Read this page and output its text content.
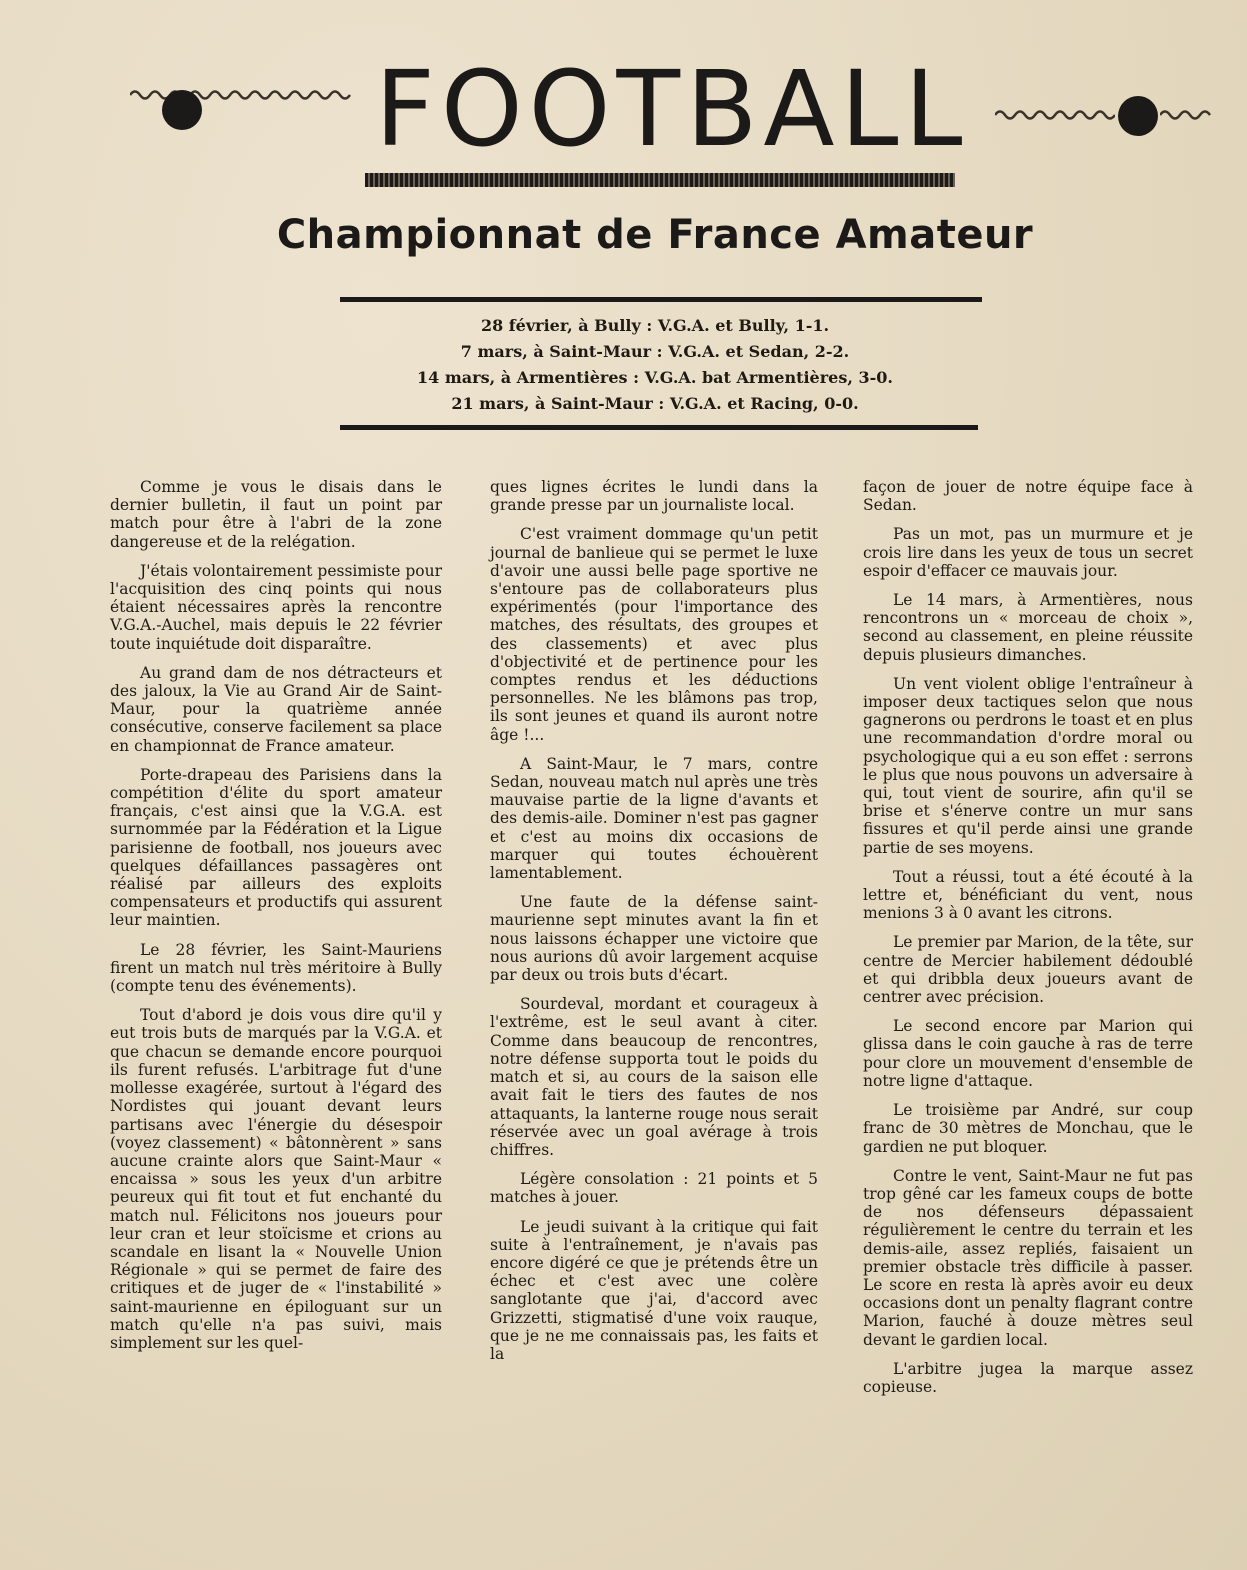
FOOTBALL
Championnat de France Amateur
28 février, à Bully : V.G.A. et Bully, 1-1.
7 mars, à Saint-Maur : V.G.A. et Sedan, 2-2.
14 mars, à Armentières : V.G.A. bat Armentières, 3-0.
21 mars, à Saint-Maur : V.G.A. et Racing, 0-0.

Comme je vous le disais dans le dernier bulletin, il faut un point par match pour être à l'abri de la zone dangereuse et de la relégation.

J'étais volontairement pessimiste pour l'acquisition des cinq points qui nous étaient nécessaires après la rencontre V.G.A.-Auchel, mais depuis le 22 février toute inquiétude doit disparaître.

Au grand dam de nos détracteurs et des jaloux, la Vie au Grand Air de Saint-Maur, pour la quatrième année consécutive, conserve facilement sa place en championnat de France amateur.

Porte-drapeau des Parisiens dans la compétition d'élite du sport amateur français, c'est ainsi que la V.G.A. est surnommée par la Fédération et la Ligue parisienne de football, nos joueurs avec quelques défaillances passagères ont réalisé par ailleurs des exploits compensateurs et productifs qui assurent leur maintien.

Le 28 février, les Saint-Mauriens firent un match nul très méritoire à Bully (compte tenu des événements).

Tout d'abord je dois vous dire qu'il y eut trois buts de marqués par la V.G.A. et que chacun se demande encore pourquoi ils furent refusés. L'arbitrage fut d'une mollesse exagérée, surtout à l'égard des Nordistes qui jouant devant leurs partisans avec l'énergie du désespoir (voyez classement) « bâtonnèrent » sans aucune crainte alors que Saint-Maur « encaissa » sous les yeux d'un arbitre peureux qui fit tout et fut enchanté du match nul. Félicitons nos joueurs pour leur cran et leur stoïcisme et crions au scandale en lisant la « Nouvelle Union Régionale » qui se permet de faire des critiques et de juger de « l'instabilité » saint-maurienne en épiloguant sur un match qu'elle n'a pas suivi, mais simplement sur les quel-

ques lignes écrites le lundi dans la grande presse par un journaliste local.

C'est vraiment dommage qu'un petit journal de banlieue qui se permet le luxe d'avoir une aussi belle page sportive ne s'entoure pas de collaborateurs plus expérimentés (pour l'importance des matches, des résultats, des groupes et des classements) et avec plus d'objectivité et de pertinence pour les comptes rendus et les déductions personnelles. Ne les blâmons pas trop, ils sont jeunes et quand ils auront notre âge !...

A Saint-Maur, le 7 mars, contre Sedan, nouveau match nul après une très mauvaise partie de la ligne d'avants et des demis-aile. Dominer n'est pas gagner et c'est au moins dix occasions de marquer qui toutes échouèrent lamentablement.

Une faute de la défense saint-maurienne sept minutes avant la fin et nous laissons échapper une victoire que nous aurions dû avoir largement acquise par deux ou trois buts d'écart.

Sourdeval, mordant et courageux à l'extrême, est le seul avant à citer. Comme dans beaucoup de rencontres, notre défense supporta tout le poids du match et si, au cours de la saison elle avait fait le tiers des fautes de nos attaquants, la lanterne rouge nous serait réservée avec un goal avérage à trois chiffres.

Légère consolation : 21 points et 5 matches à jouer.

Le jeudi suivant à la critique qui fait suite à l'entraînement, je n'avais pas encore digéré ce que je prétends être un échec et c'est avec une colère sanglotante que j'ai, d'accord avec Grizzetti, stigmatisé d'une voix rauque, que je ne me connaissais pas, les faits et la

façon de jouer de notre équipe face à Sedan.

Pas un mot, pas un murmure et je crois lire dans les yeux de tous un secret espoir d'effacer ce mauvais jour.

Le 14 mars, à Armentières, nous rencontrons un « morceau de choix », second au classement, en pleine réussite depuis plusieurs dimanches.

Un vent violent oblige l'entraîneur à imposer deux tactiques selon que nous gagnerons ou perdrons le toast et en plus une recommandation d'ordre moral ou psychologique qui a eu son effet : serrons le plus que nous pouvons un adversaire à qui, tout vient de sourire, afin qu'il se brise et s'énerve contre un mur sans fissures et qu'il perde ainsi une grande partie de ses moyens.

Tout a réussi, tout a été écouté à la lettre et, bénéficiant du vent, nous menions 3 à 0 avant les citrons.

Le premier par Marion, de la tête, sur centre de Mercier habilement dédoublé et qui dribbla deux joueurs avant de centrer avec précision.

Le second encore par Marion qui glissa dans le coin gauche à ras de terre pour clore un mouvement d'ensemble de notre ligne d'attaque.

Le troisième par André, sur coup franc de 30 mètres de Monchau, que le gardien ne put bloquer.

Contre le vent, Saint-Maur ne fut pas trop gêné car les fameux coups de botte de nos défenseurs dépassaient régulièrement le centre du terrain et les demis-aile, assez repliés, faisaient un premier obstacle très difficile à passer. Le score en resta là après avoir eu deux occasions dont un penalty flagrant contre Marion, fauché à douze mètres seul devant le gardien local.

L'arbitre jugea la marque assez copieuse.
